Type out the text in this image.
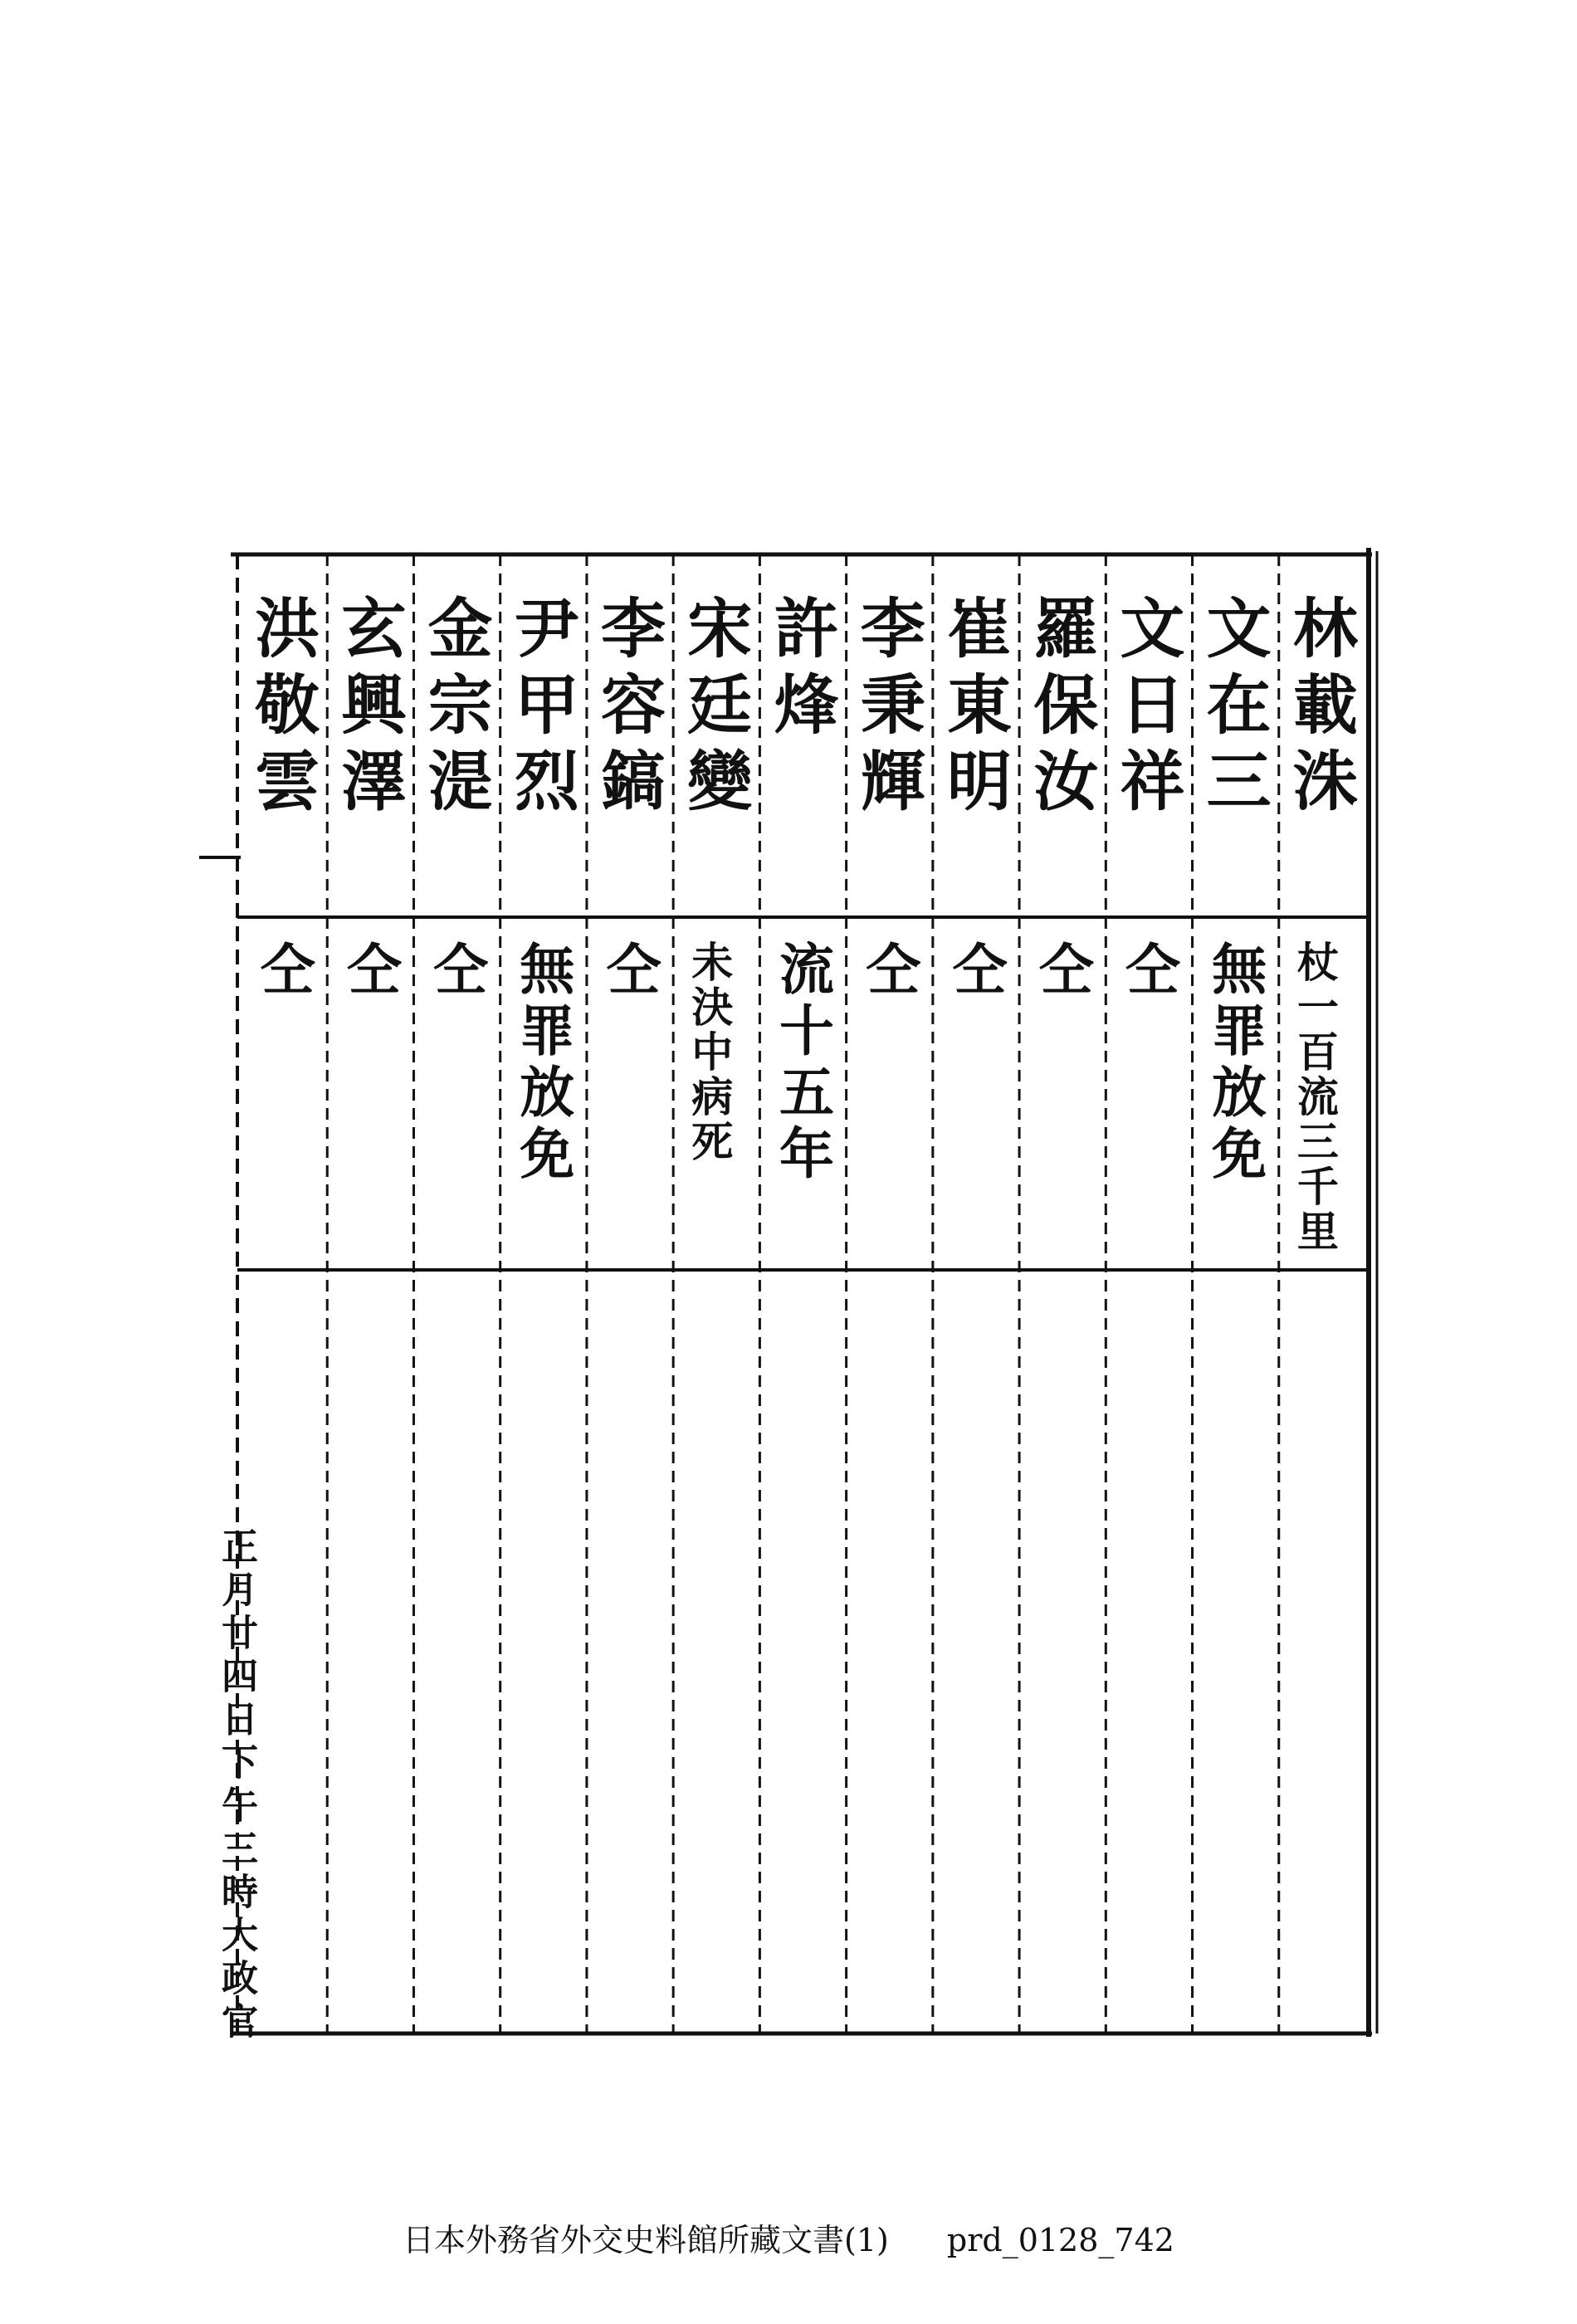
林載洙
杖一百流三千里
文在三
無罪放免
文日祥
仝
羅保汝
仝
崔東明
仝
李秉輝
仝
許烽
流十五年
宋廷變
未決中病死
李容鎬
仝
尹甲烈
無罪放免
金宗湜
仝
玄興澤
仝
洪敬雲
仝
正月廿四日下午三時大政官
日本外務省外交史料館所藏文書(1) prd_0128_742
